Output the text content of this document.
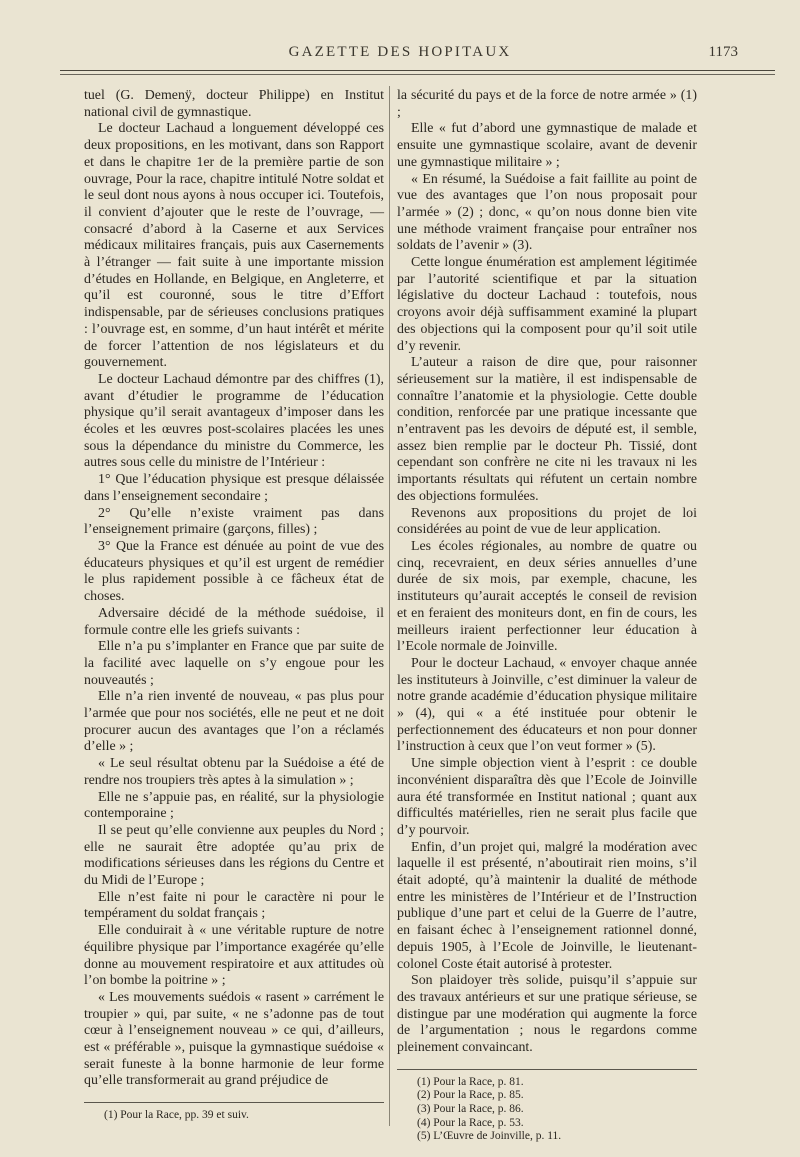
GAZETTE DES HOPITAUX	1173

tuel (G. Demenÿ, docteur Philippe) en Institut national civil de gymnastique.

Le docteur Lachaud a longuement développé ces deux propositions, en les motivant, dans son Rapport et dans le chapitre 1er de la première partie de son ouvrage, Pour la race, chapitre intitulé Notre soldat et le seul dont nous ayons à nous occuper ici. Toutefois, il convient d’ajouter que le reste de l’ouvrage, — consacré d’abord à la Caserne et aux Services médicaux militaires français, puis aux Casernements à l’étranger — fait suite à une importante mission d’études en Hollande, en Belgique, en Angleterre, et qu’il est couronné, sous le titre d’Effort indispensable, par de sérieuses conclusions pratiques : l’ouvrage est, en somme, d’un haut intérêt et mérite de forcer l’attention de nos législateurs et du gouvernement.

Le docteur Lachaud démontre par des chiffres (1), avant d’étudier le programme de l’éducation physique qu’il serait avantageux d’imposer dans les écoles et les œuvres post-scolaires placées les unes sous la dépendance du ministre du Commerce, les autres sous celle du ministre de l’Intérieur :

1° Que l’éducation physique est presque délaissée dans l’enseignement secondaire ;

2° Qu’elle n’existe vraiment pas dans l’enseignement primaire (garçons, filles) ;

3° Que la France est dénuée au point de vue des éducateurs physiques et qu’il est urgent de remédier le plus rapidement possible à ce fâcheux état de choses.

Adversaire décidé de la méthode suédoise, il formule contre elle les griefs suivants :

Elle n’a pu s’implanter en France que par suite de la facilité avec laquelle on s’y engoue pour les nouveautés ;

Elle n’a rien inventé de nouveau, « pas plus pour l’armée que pour nos sociétés, elle ne peut et ne doit procurer aucun des avantages que l’on a réclamés d’elle » ;

« Le seul résultat obtenu par la Suédoise a été de rendre nos troupiers très aptes à la simulation » ;

Elle ne s’appuie pas, en réalité, sur la physiologie contemporaine ;

Il se peut qu’elle convienne aux peuples du Nord ; elle ne saurait être adoptée qu’au prix de modifications sérieuses dans les régions du Centre et du Midi de l’Europe ;

Elle n’est faite ni pour le caractère ni pour le tempérament du soldat français ;

Elle conduirait à « une véritable rupture de notre équilibre physique par l’importance exagérée qu’elle donne au mouvement respiratoire et aux attitudes où l’on bombe la poitrine » ;

« Les mouvements suédois « rasent » carrément le troupier » qui, par suite, « ne s’adonne pas de tout cœur à l’enseignement nouveau » ce qui, d’ailleurs, est « préférable », puisque la gymnastique suédoise « serait funeste à la bonne harmonie de leur forme qu’elle transformerait au grand préjudice de

(1) Pour la Race, pp. 39 et suiv.

la sécurité du pays et de la force de notre armée » (1) ;

Elle « fut d’abord une gymnastique de malade et ensuite une gymnastique scolaire, avant de devenir une gymnastique militaire » ;

« En résumé, la Suédoise a fait faillite au point de vue des avantages que l’on nous proposait pour l’armée » (2) ; donc, « qu’on nous donne bien vite une méthode vraiment française pour entraîner nos soldats de l’avenir » (3).

Cette longue énumération est amplement légitimée par l’autorité scientifique et par la situation législative du docteur Lachaud : toutefois, nous croyons avoir déjà suffisamment examiné la plupart des objections qui la composent pour qu’il soit utile d’y revenir.

L’auteur a raison de dire que, pour raisonner sérieusement sur la matière, il est indispensable de connaître l’anatomie et la physiologie. Cette double condition, renforcée par une pratique incessante que n’entravent pas les devoirs de député est, il semble, assez bien remplie par le docteur Ph. Tissié, dont cependant son confrère ne cite ni les travaux ni les importants résultats qui réfutent un certain nombre des objections formulées.

Revenons aux propositions du projet de loi considérées au point de vue de leur application.

Les écoles régionales, au nombre de quatre ou cinq, recevraient, en deux séries annuelles d’une durée de six mois, par exemple, chacune, les instituteurs qu’aurait acceptés le conseil de revision et en feraient des moniteurs dont, en fin de cours, les meilleurs iraient perfectionner leur éducation à l’Ecole normale de Joinville.

Pour le docteur Lachaud, « envoyer chaque année les instituteurs à Joinville, c’est diminuer la valeur de notre grande académie d’éducation physique militaire » (4), qui « a été instituée pour obtenir le perfectionnement des éducateurs et non pour donner l’instruction à ceux que l’on veut former » (5).

Une simple objection vient à l’esprit : ce double inconvénient disparaîtra dès que l’Ecole de Joinville aura été transformée en Institut national ; quant aux difficultés matérielles, rien ne serait plus facile que d’y pourvoir.

Enfin, d’un projet qui, malgré la modération avec laquelle il est présenté, n’aboutirait rien moins, s’il était adopté, qu’à maintenir la dualité de méthode entre les ministères de l’Intérieur et de l’Instruction publique d’une part et celui de la Guerre de l’autre, en faisant échec à l’enseignement rationnel donné, depuis 1905, à l’Ecole de Joinville, le lieutenant-colonel Coste était autorisé à protester.

Son plaidoyer très solide, puisqu’il s’appuie sur des travaux antérieurs et sur une pratique sérieuse, se distingue par une modération qui augmente la force de l’argumentation ; nous le regardons comme pleinement convaincant.

(1) Pour la Race, p. 81.
(2) Pour la Race, p. 85.
(3) Pour la Race, p. 86.
(4) Pour la Race, p. 53.
(5) L’Œuvre de Joinville, p. 11.
